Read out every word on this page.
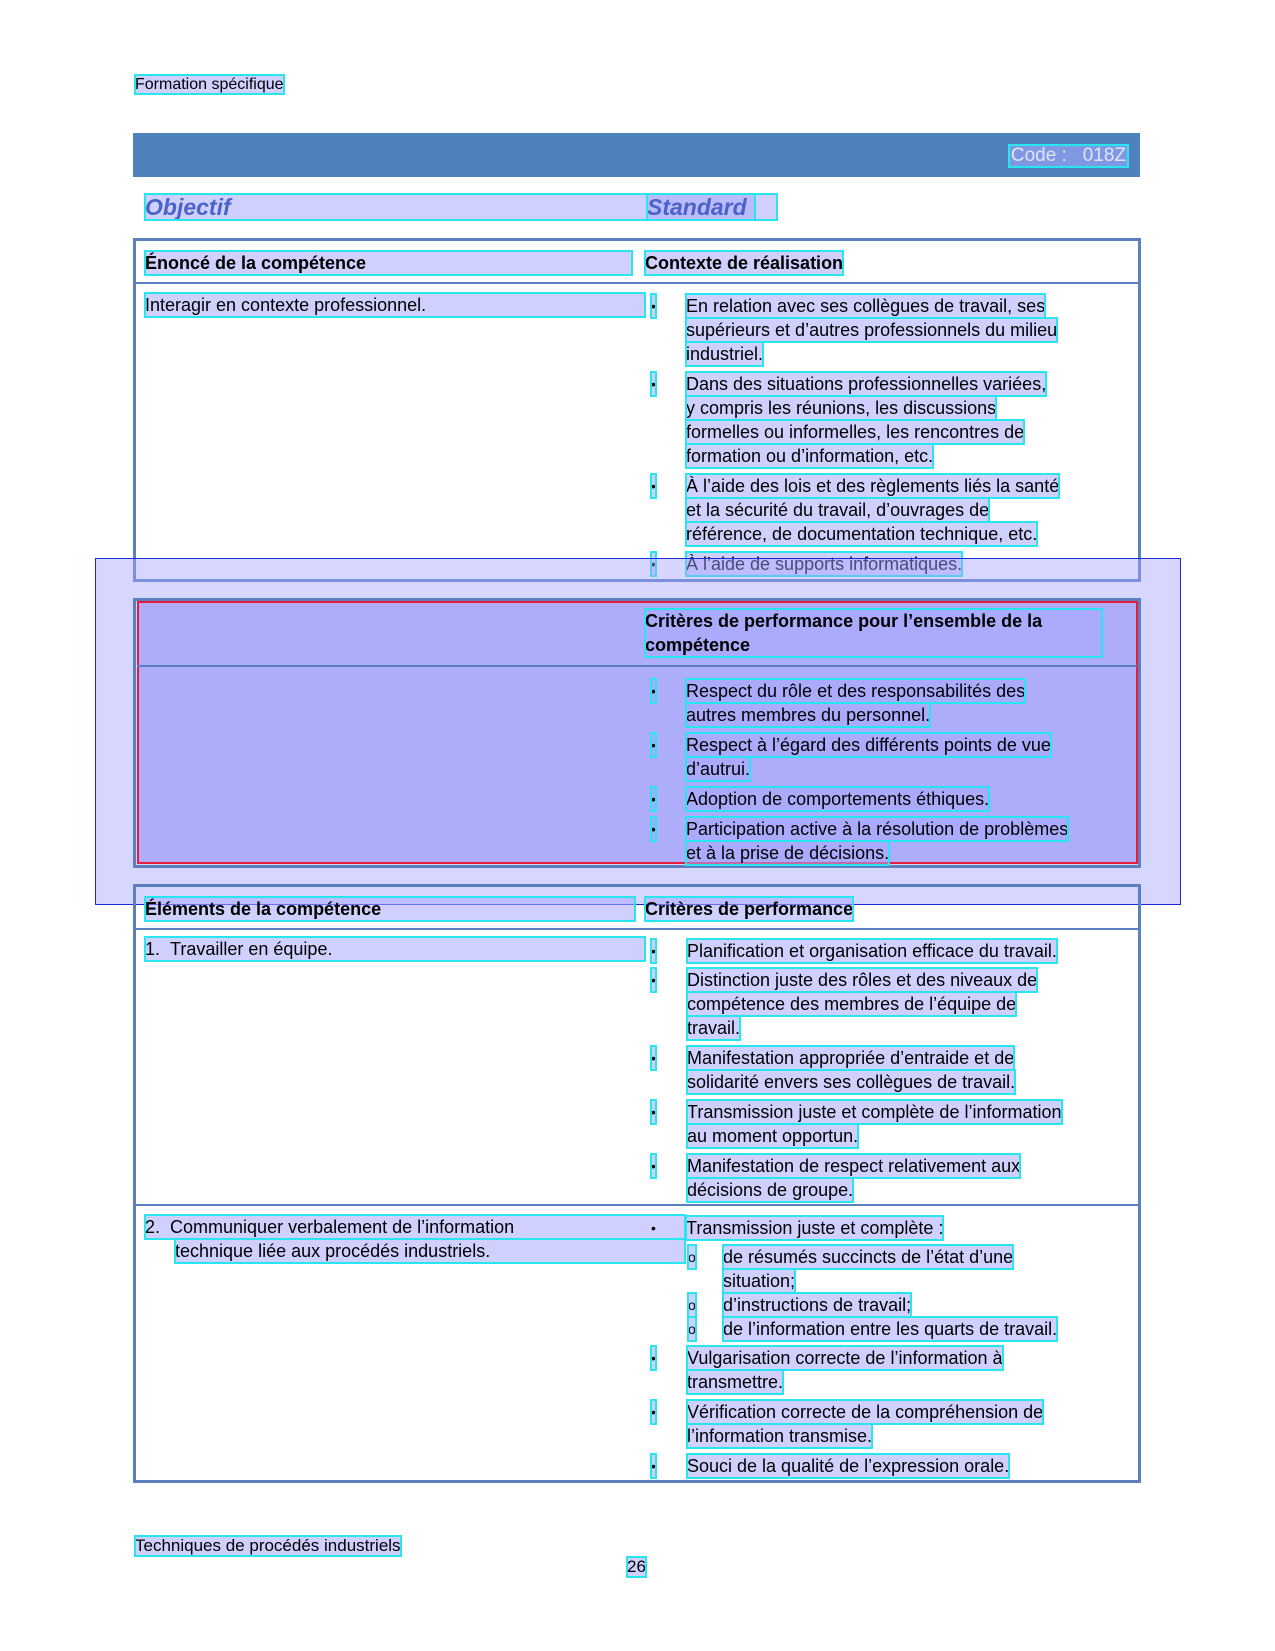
Formation spécifique
Code : 018Z
Objectif	Standard
Énoncé de la compétence	Contexte de réalisation
Interagir en contexte professionnel.	• En relation avec ses collègues de travail, ses
supérieurs et d’autres professionnels du milieu
industriel.
• Dans des situations professionnelles variées,
y compris les réunions, les discussions
formelles ou informelles, les rencontres de
formation ou d’information, etc.
• À l’aide des lois et des règlements liés la santé
et la sécurité du travail, d’ouvrages de
référence, de documentation technique, etc.
• À l’aide de supports informatiques.
Critères de performance pour l’ensemble de la
compétence
• Respect du rôle et des responsabilités des
autres membres du personnel.
• Respect à l’égard des différents points de vue
d’autrui.
• Adoption de comportements éthiques.
• Participation active à la résolution de problèmes
et à la prise de décisions.
Éléments de la compétence	Critères de performance
1. Travailler en équipe.	• Planification et organisation efficace du travail.
• Distinction juste des rôles et des niveaux de
compétence des membres de l’équipe de
travail.
• Manifestation appropriée d’entraide et de
solidarité envers ses collègues de travail.
• Transmission juste et complète de l’information
au moment opportun.
• Manifestation de respect relativement aux
décisions de groupe.
2. Communiquer verbalement de l’information
technique liée aux procédés industriels.
• Transmission juste et complète :
o de résumés succincts de l’état d’une
situation;
o d’instructions de travail;
o de l’information entre les quarts de travail.
• Vulgarisation correcte de l’information à
transmettre.
• Vérification correcte de la compréhension de
l’information transmise.
• Souci de la qualité de l’expression orale.
Techniques de procédés industriels
26
